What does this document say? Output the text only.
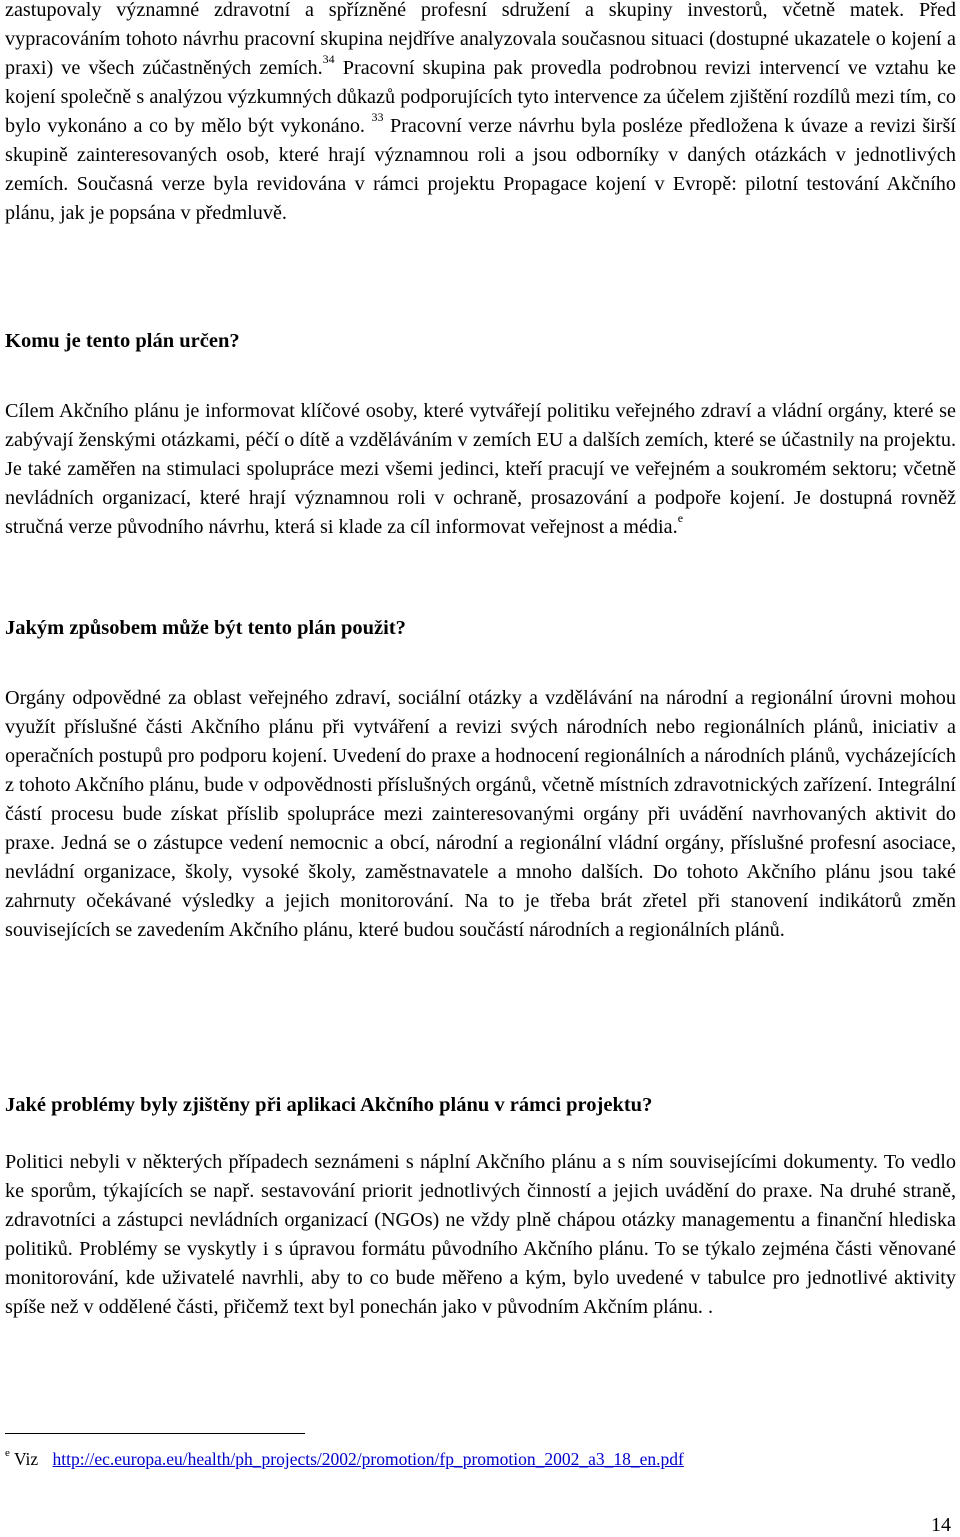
zastupovaly významné zdravotní a spřízněné profesní sdružení a skupiny investorů, včetně matek. Před vypracováním tohoto návrhu pracovní skupina nejdříve analyzovala současnou situaci (dostupné ukazatele o kojení a praxi) ve všech zúčastněných zemích.$^{34}$ Pracovní skupina pak provedla podrobnou revizi intervencí ve vztahu ke kojení společně s analýzou výzkumných důkazů podporujících tyto intervence za účelem zjištění rozdílů mezi tím, co bylo vykonáno a co by mělo být vykonáno. $^{33}$ Pracovní verze návrhu byla posléze předložena k úvaze a revizi širší skupině zainteresovaných osob, které hrají významnou roli a jsou odborníky v daných otázkách v jednotlivých zemích. Současná verze byla revidována v rámci projektu Propagace kojení v Evropě: pilotní testování Akčního plánu, jak je popsána v předmluvě.

Komu je tento plán určen?

Cílem Akčního plánu je informovat klíčové osoby, které vytvářejí politiku veřejného zdraví a vládní orgány, které se zabývají ženskými otázkami, péčí o dítě a vzděláváním v zemích EU a dalších zemích, které se účastnily na projektu. Je také zaměřen na stimulaci spolupráce mezi všemi jedinci, kteří pracují ve veřejném a soukromém sektoru; včetně nevládních organizací, které hrají významnou roli v ochraně, prosazování a podpoře kojení. Je dostupná rovněž stručná verze původního návrhu, která si klade za cíl informovat veřejnost a média.$^e$

Jakým způsobem může být tento plán použit?

Orgány odpovědné za oblast veřejného zdraví, sociální otázky a vzdělávání na národní a regionální úrovni mohou využít příslušné části Akčního plánu při vytváření a revizi svých národních nebo regionálních plánů, iniciativ a operačních postupů pro podporu kojení. Uvedení do praxe a hodnocení regionálních a národních plánů, vycházejících z tohoto Akčního plánu, bude v odpovědnosti příslušných orgánů, včetně místních zdravotnických zařízení. Integrální částí procesu bude získat příslib spolupráce mezi zainteresovanými orgány při uvádění navrhovaných aktivit do praxe. Jedná se o zástupce vedení nemocnic a obcí, národní a regionální vládní orgány, příslušné profesní asociace, nevládní organizace, školy, vysoké školy, zaměstnavatele a mnoho dalších. Do tohoto Akčního plánu jsou také zahrnuty očekávané výsledky a jejich monitorování. Na to je třeba brát zřetel při stanovení indikátorů změn souvisejících se zavedením Akčního plánu, které budou součástí národních a regionálních plánů.

Jaké problémy byly zjištěny při aplikaci Akčního plánu v rámci projektu?

Politici nebyli v některých případech seznámeni s náplní Akčního plánu a s ním souvisejícími dokumenty. To vedlo ke sporům, týkajících se např. sestavování priorit jednotlivých činností a jejich uvádění do praxe. Na druhé straně, zdravotníci a zástupci nevládních organizací (NGOs) ne vždy plně chápou otázky managementu a finanční hlediska politiků. Problémy se vyskytly i s úpravou formátu původního Akčního plánu. To se týkalo zejména části věnované monitorování, kde uživatelé navrhli, aby to co bude měřeno a kým, bylo uvedené v tabulce pro jednotlivé aktivity spíše než v oddělené části, přičemž text byl ponechán jako v původním Akčním plánu. .

$^e$ Viz http://ec.europa.eu/health/ph_projects/2002/promotion/fp_promotion_2002_a3_18_en.pdf
14
